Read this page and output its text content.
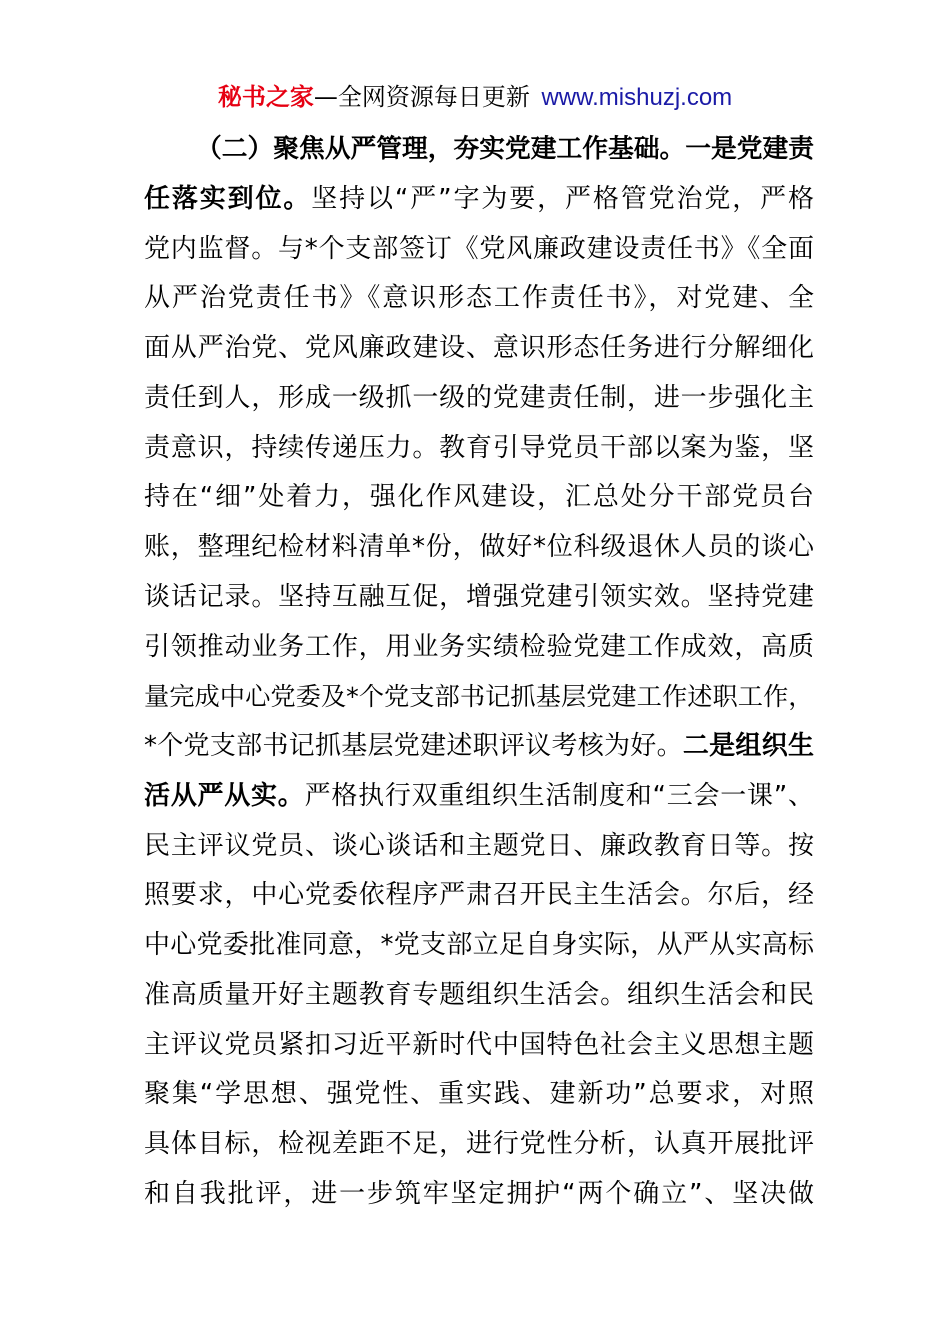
秘书之家—全网资源每日更新 www.mishuzj.com
（二）聚焦从严管理，夯实党建工作基础。一是党建责
任落实到位。坚持以“严”字为要，严格管党治党，严格
党内监督。与*个支部签订《党风廉政建设责任书》《全面
从严治党责任书》《意识形态工作责任书》，对党建、全
面从严治党、党风廉政建设、意识形态任务进行分解细化
责任到人，形成一级抓一级的党建责任制，进一步强化主
责意识，持续传递压力。教育引导党员干部以案为鉴，坚
持在“细”处着力，强化作风建设，汇总处分干部党员台
账，整理纪检材料清单*份，做好*位科级退休人员的谈心
谈话记录。坚持互融互促，增强党建引领实效。坚持党建
引领推动业务工作，用业务实绩检验党建工作成效，高质
量完成中心党委及*个党支部书记抓基层党建工作述职工作，
*个党支部书记抓基层党建述职评议考核为好。二是组织生
活从严从实。严格执行双重组织生活制度和“三会一课”、
民主评议党员、谈心谈话和主题党日、廉政教育日等。按
照要求，中心党委依程序严肃召开民主生活会。尔后，经
中心党委批准同意，*党支部立足自身实际，从严从实高标
准高质量开好主题教育专题组织生活会。组织生活会和民
主评议党员紧扣习近平新时代中国特色社会主义思想主题
聚集“学思想、强党性、重实践、建新功”总要求，对照
具体目标，检视差距不足，进行党性分析，认真开展批评
和自我批评，进一步筑牢坚定拥护“两个确立”、坚决做
